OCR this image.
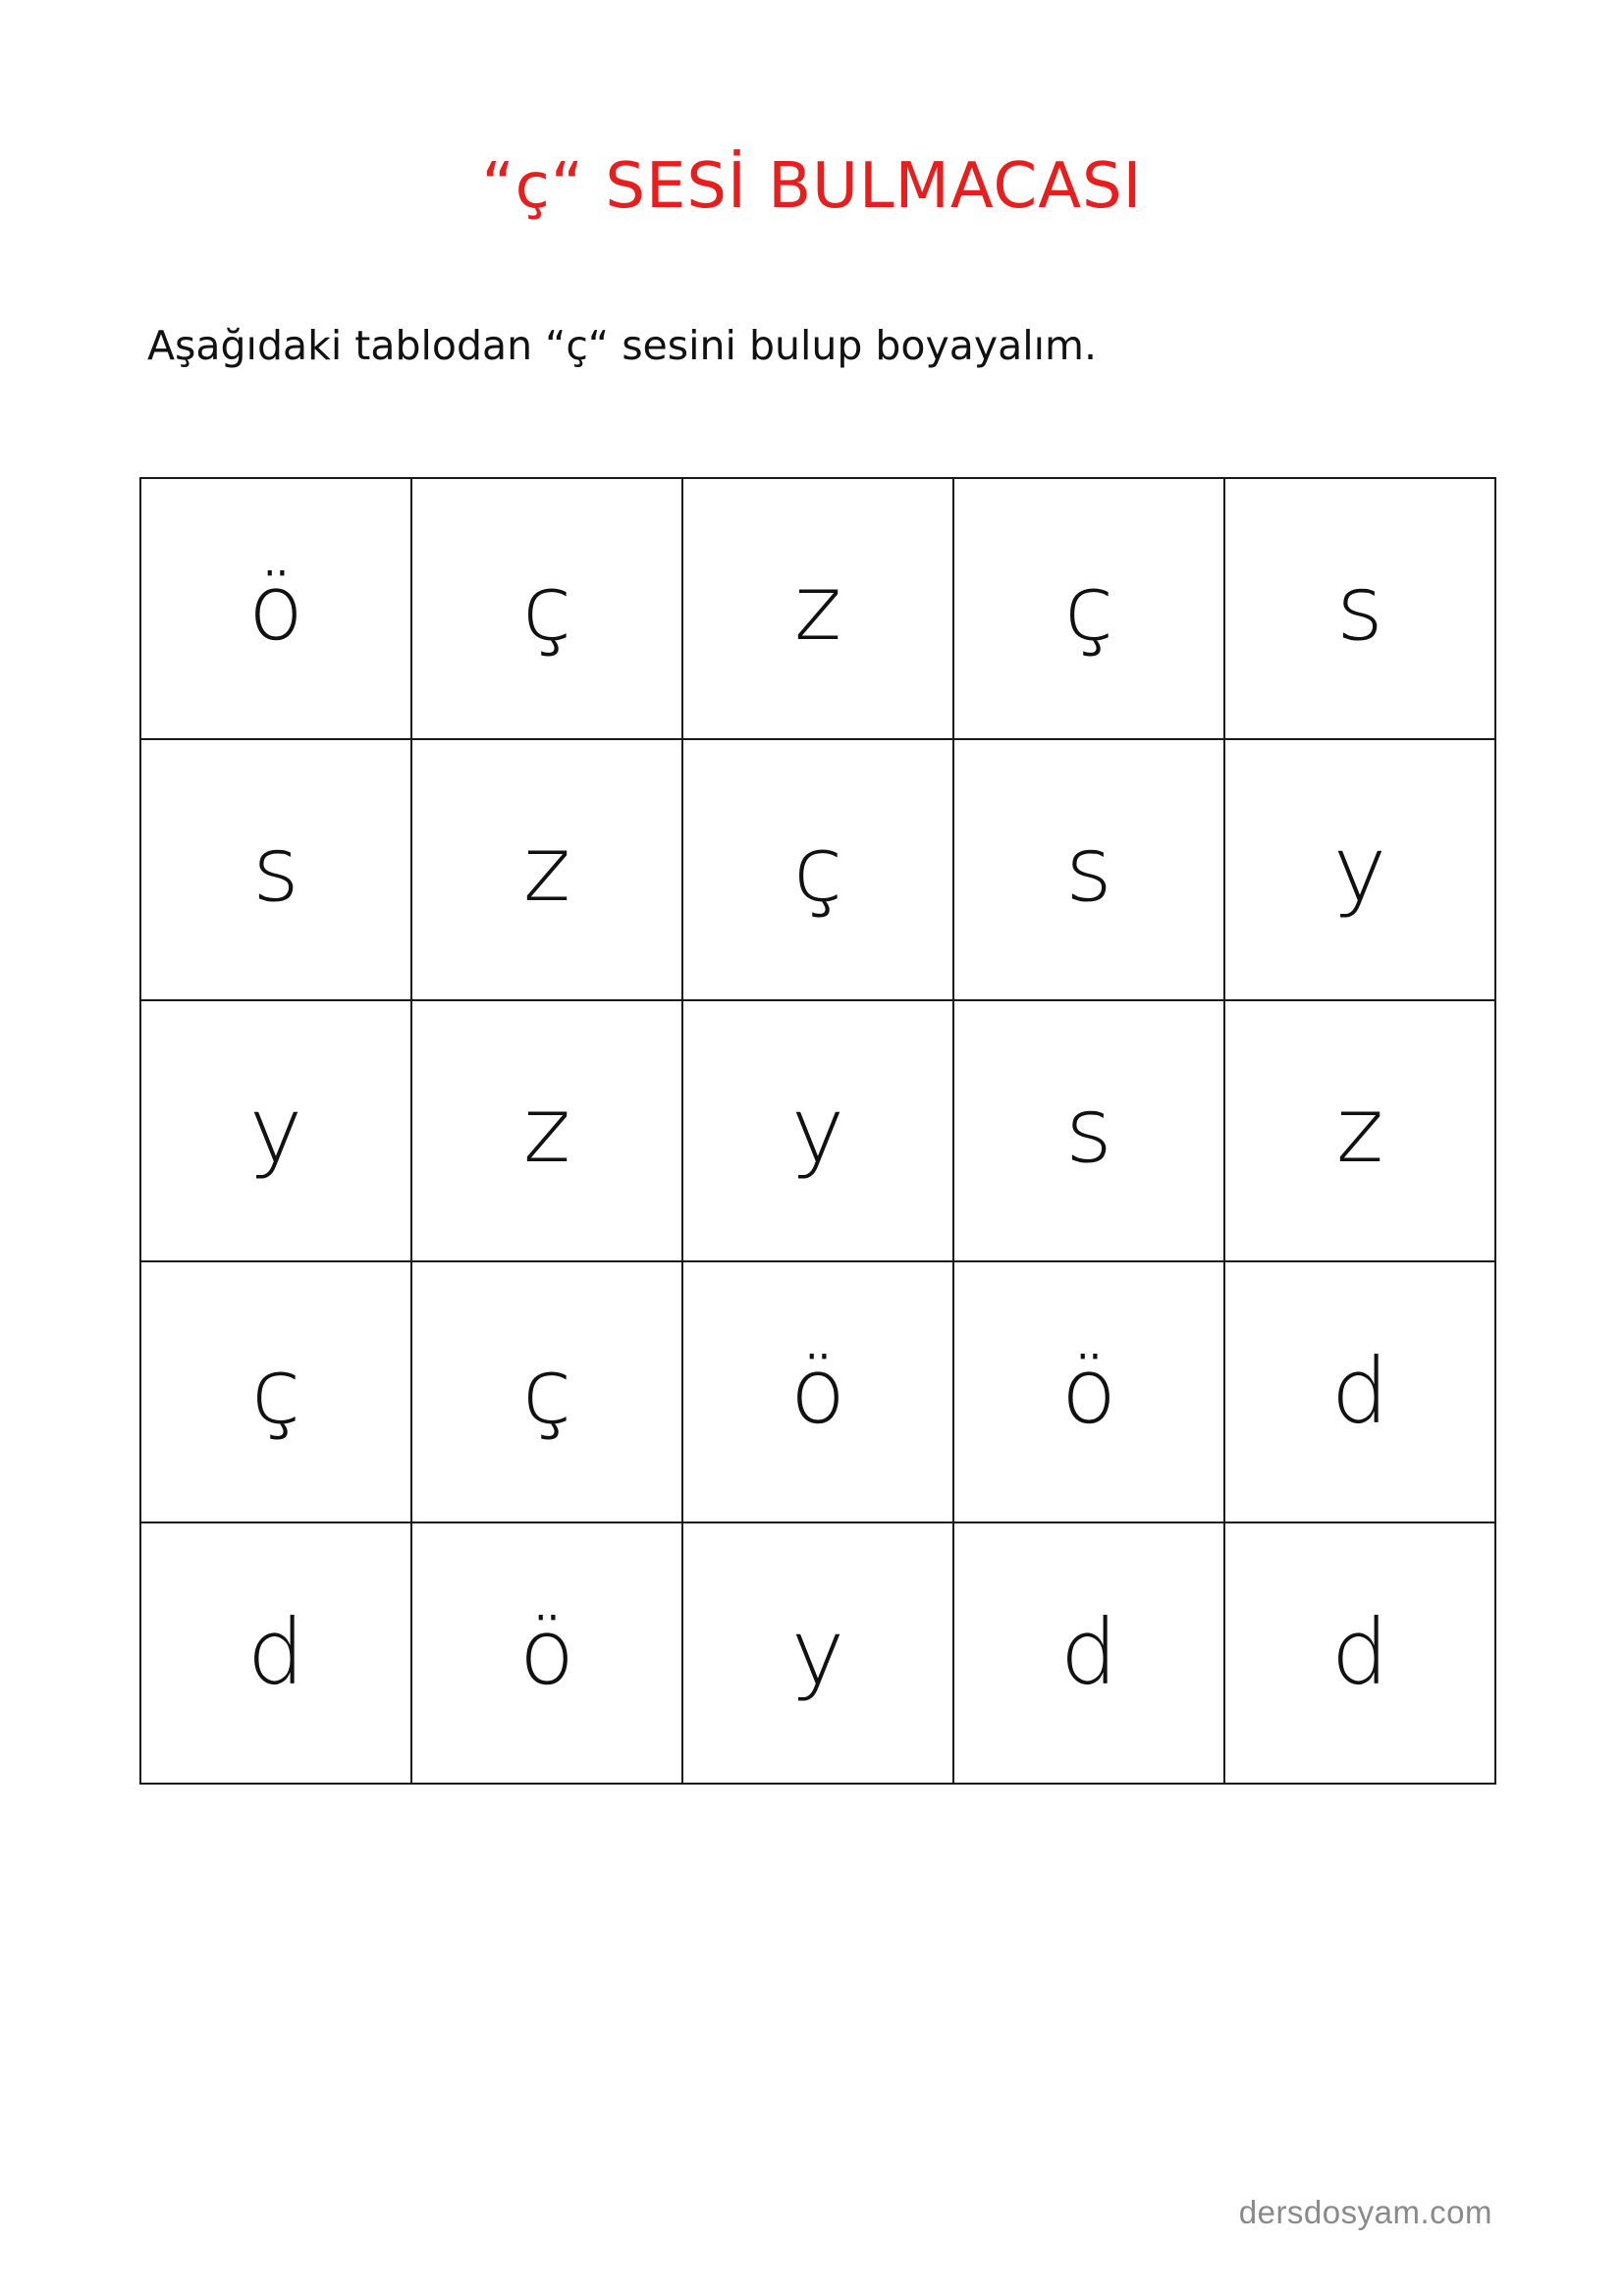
“ç“ SESİ BULMACASI
Aşağıdaki tablodan “ç“ sesini bulup boyayalım.
ö	ç	z	ç	s
s	z	ç	s	y
y	z	y	s	z
ç	ç	ö	ö	d
d	ö	y	d	d
dersdosyam.com
